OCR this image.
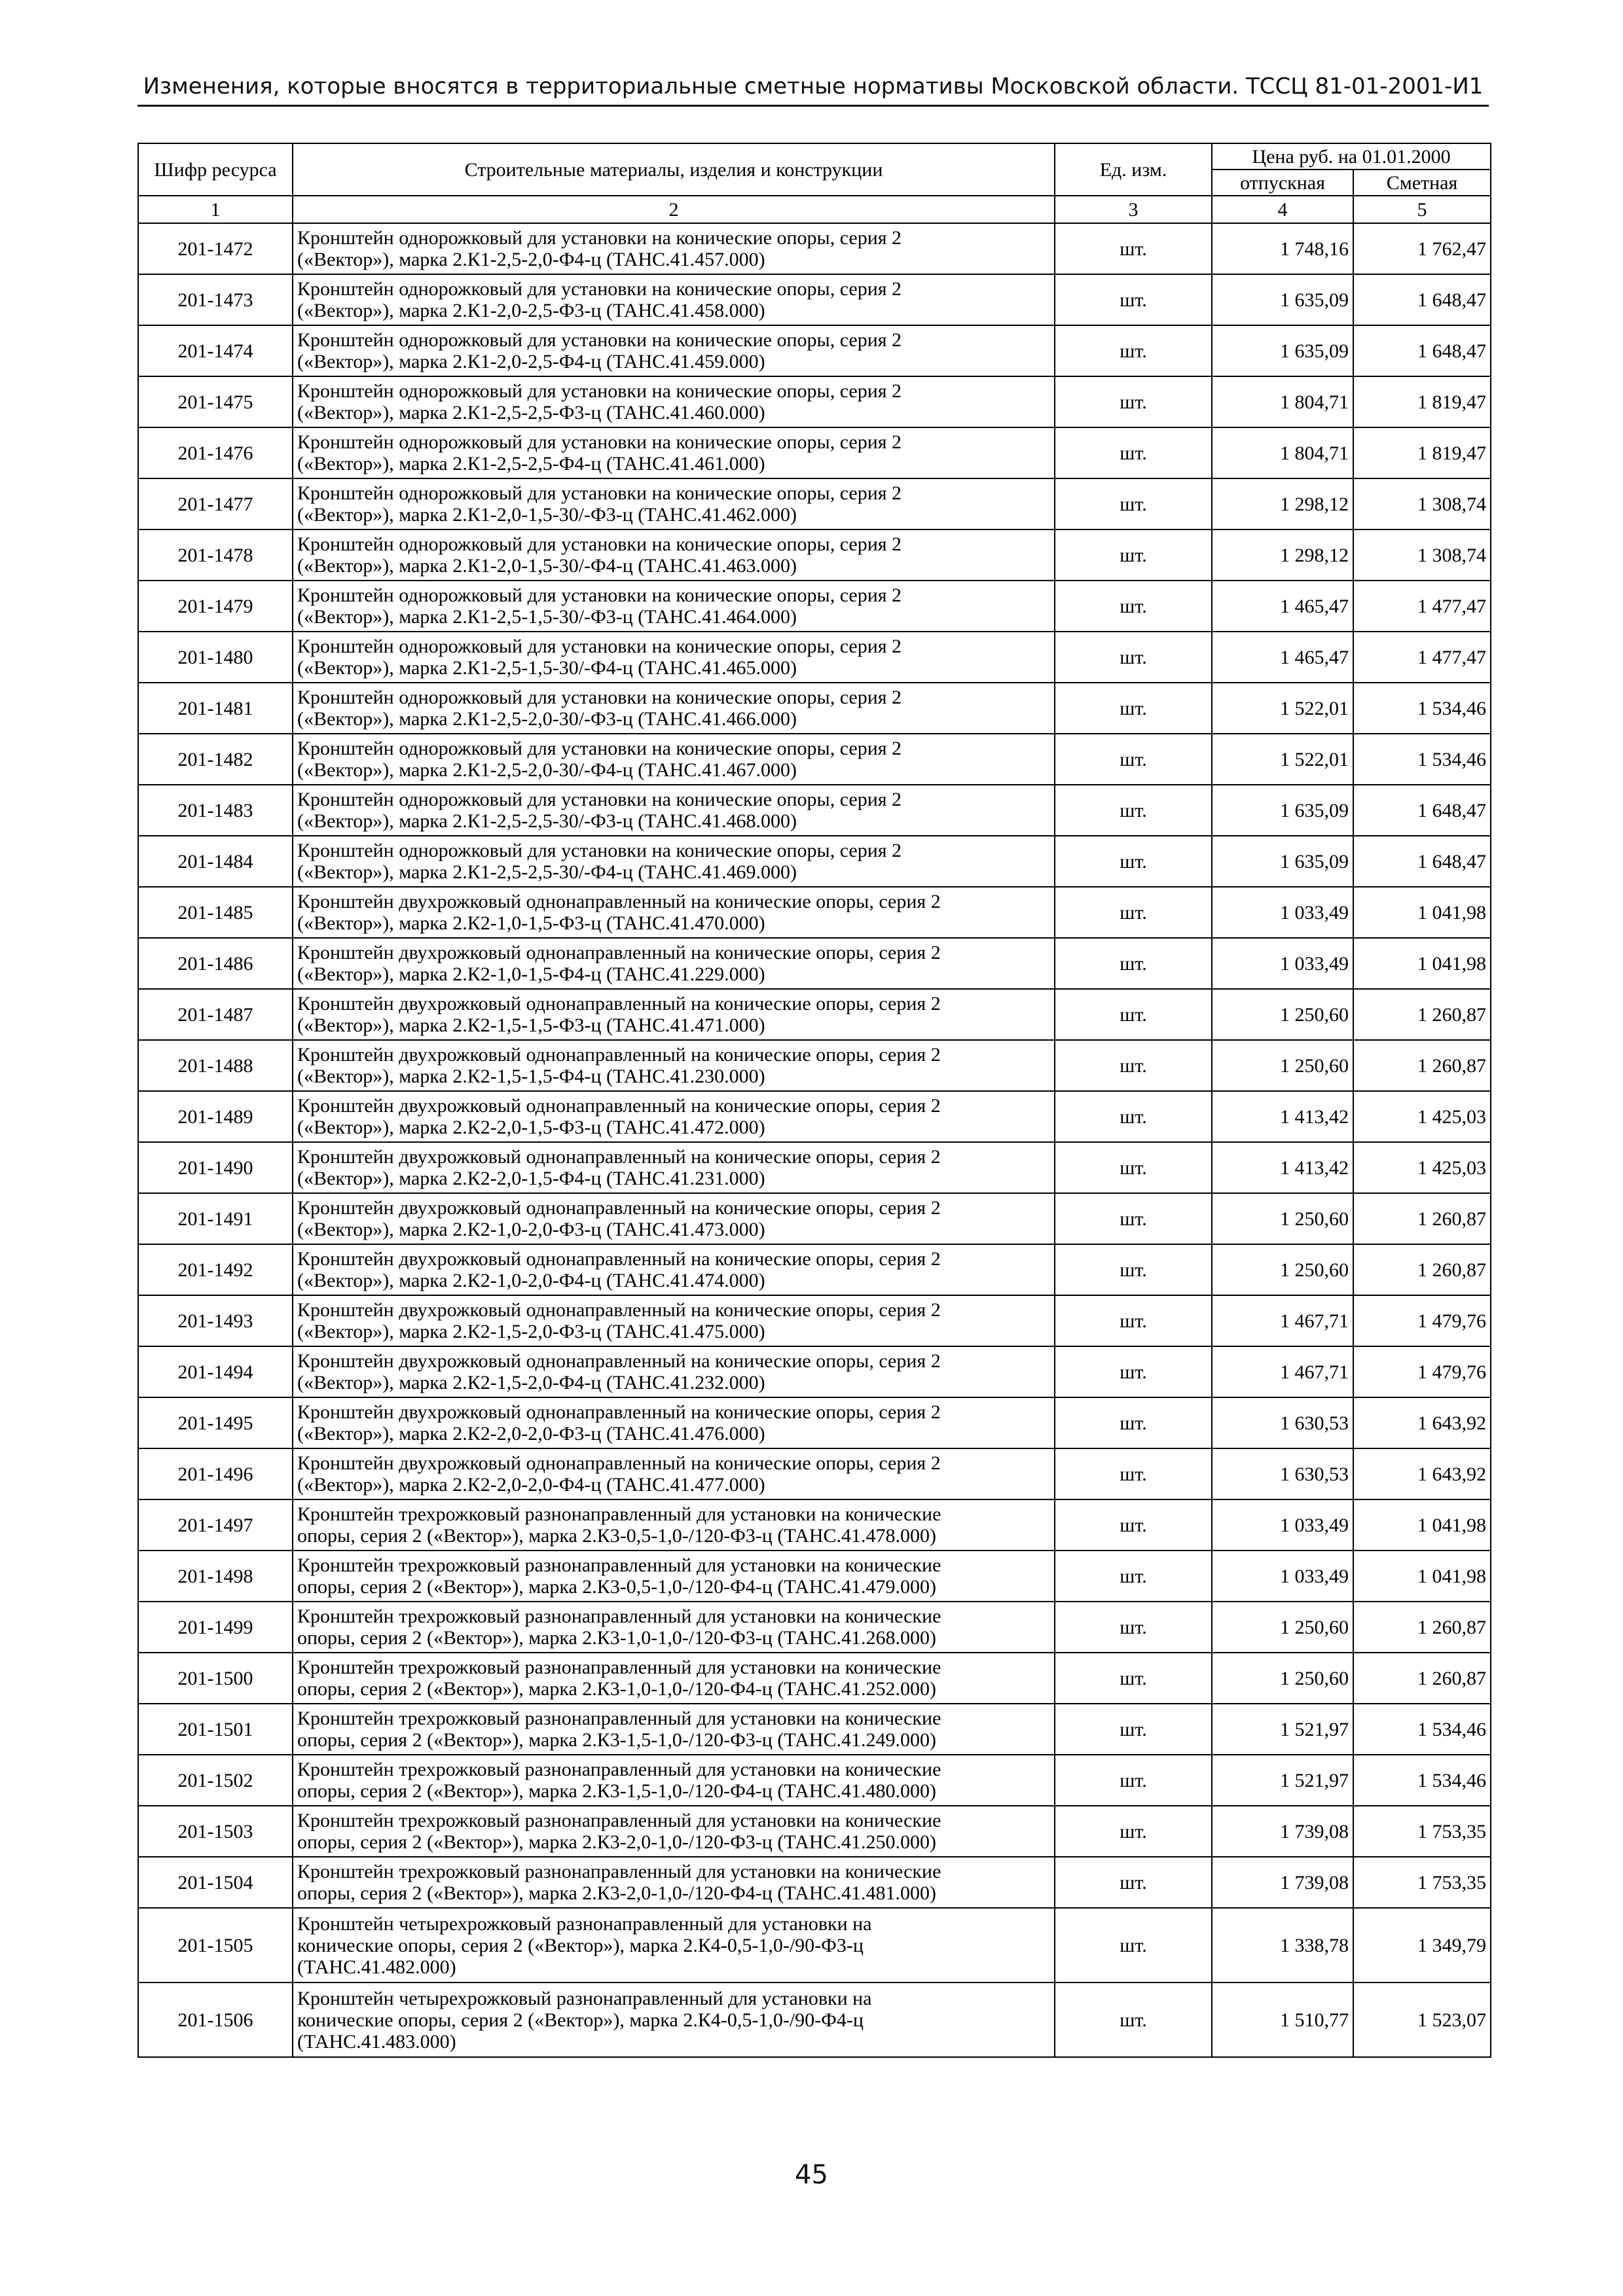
Изменения, которые вносятся в территориальные сметные нормативы Московской области. ТССЦ 81-01-2001-И1
Шифр ресурса	Строительные материалы, изделия и конструкции	Ед. изм.	Цена руб. на 01.01.2000	
			отпускная	Сметная
1	2	3	4	5
201-1472	Кронштейн однорожковый для установки на конические опоры, серия 2
(«Вектор»), марка 2.К1-2,5-2,0-Ф4-ц (ТАНС.41.457.000)	шт.	1 748,16	1 762,47
201-1473	Кронштейн однорожковый для установки на конические опоры, серия 2
(«Вектор»), марка 2.К1-2,0-2,5-Ф3-ц (ТАНС.41.458.000)	шт.	1 635,09	1 648,47
201-1474	Кронштейн однорожковый для установки на конические опоры, серия 2
(«Вектор»), марка 2.К1-2,0-2,5-Ф4-ц (ТАНС.41.459.000)	шт.	1 635,09	1 648,47
201-1475	Кронштейн однорожковый для установки на конические опоры, серия 2
(«Вектор»), марка 2.К1-2,5-2,5-Ф3-ц (ТАНС.41.460.000)	шт.	1 804,71	1 819,47
201-1476	Кронштейн однорожковый для установки на конические опоры, серия 2
(«Вектор»), марка 2.К1-2,5-2,5-Ф4-ц (ТАНС.41.461.000)	шт.	1 804,71	1 819,47
201-1477	Кронштейн однорожковый для установки на конические опоры, серия 2
(«Вектор»), марка 2.К1-2,0-1,5-30/-Ф3-ц (ТАНС.41.462.000)	шт.	1 298,12	1 308,74
201-1478	Кронштейн однорожковый для установки на конические опоры, серия 2
(«Вектор»), марка 2.К1-2,0-1,5-30/-Ф4-ц (ТАНС.41.463.000)	шт.	1 298,12	1 308,74
201-1479	Кронштейн однорожковый для установки на конические опоры, серия 2
(«Вектор»), марка 2.К1-2,5-1,5-30/-Ф3-ц (ТАНС.41.464.000)	шт.	1 465,47	1 477,47
201-1480	Кронштейн однорожковый для установки на конические опоры, серия 2
(«Вектор»), марка 2.К1-2,5-1,5-30/-Ф4-ц (ТАНС.41.465.000)	шт.	1 465,47	1 477,47
201-1481	Кронштейн однорожковый для установки на конические опоры, серия 2
(«Вектор»), марка 2.К1-2,5-2,0-30/-Ф3-ц (ТАНС.41.466.000)	шт.	1 522,01	1 534,46
201-1482	Кронштейн однорожковый для установки на конические опоры, серия 2
(«Вектор»), марка 2.К1-2,5-2,0-30/-Ф4-ц (ТАНС.41.467.000)	шт.	1 522,01	1 534,46
201-1483	Кронштейн однорожковый для установки на конические опоры, серия 2
(«Вектор»), марка 2.К1-2,5-2,5-30/-Ф3-ц (ТАНС.41.468.000)	шт.	1 635,09	1 648,47
201-1484	Кронштейн однорожковый для установки на конические опоры, серия 2
(«Вектор»), марка 2.К1-2,5-2,5-30/-Ф4-ц (ТАНС.41.469.000)	шт.	1 635,09	1 648,47
201-1485	Кронштейн двухрожковый однонаправленный на конические опоры, серия 2
(«Вектор»), марка 2.К2-1,0-1,5-Ф3-ц (ТАНС.41.470.000)	шт.	1 033,49	1 041,98
201-1486	Кронштейн двухрожковый однонаправленный на конические опоры, серия 2
(«Вектор»), марка 2.К2-1,0-1,5-Ф4-ц (ТАНС.41.229.000)	шт.	1 033,49	1 041,98
201-1487	Кронштейн двухрожковый однонаправленный на конические опоры, серия 2
(«Вектор»), марка 2.К2-1,5-1,5-Ф3-ц (ТАНС.41.471.000)	шт.	1 250,60	1 260,87
201-1488	Кронштейн двухрожковый однонаправленный на конические опоры, серия 2
(«Вектор»), марка 2.К2-1,5-1,5-Ф4-ц (ТАНС.41.230.000)	шт.	1 250,60	1 260,87
201-1489	Кронштейн двухрожковый однонаправленный на конические опоры, серия 2
(«Вектор»), марка 2.К2-2,0-1,5-Ф3-ц (ТАНС.41.472.000)	шт.	1 413,42	1 425,03
201-1490	Кронштейн двухрожковый однонаправленный на конические опоры, серия 2
(«Вектор»), марка 2.К2-2,0-1,5-Ф4-ц (ТАНС.41.231.000)	шт.	1 413,42	1 425,03
201-1491	Кронштейн двухрожковый однонаправленный на конические опоры, серия 2
(«Вектор»), марка 2.К2-1,0-2,0-Ф3-ц (ТАНС.41.473.000)	шт.	1 250,60	1 260,87
201-1492	Кронштейн двухрожковый однонаправленный на конические опоры, серия 2
(«Вектор»), марка 2.К2-1,0-2,0-Ф4-ц (ТАНС.41.474.000)	шт.	1 250,60	1 260,87
201-1493	Кронштейн двухрожковый однонаправленный на конические опоры, серия 2
(«Вектор»), марка 2.К2-1,5-2,0-Ф3-ц (ТАНС.41.475.000)	шт.	1 467,71	1 479,76
201-1494	Кронштейн двухрожковый однонаправленный на конические опоры, серия 2
(«Вектор»), марка 2.К2-1,5-2,0-Ф4-ц (ТАНС.41.232.000)	шт.	1 467,71	1 479,76
201-1495	Кронштейн двухрожковый однонаправленный на конические опоры, серия 2
(«Вектор»), марка 2.К2-2,0-2,0-Ф3-ц (ТАНС.41.476.000)	шт.	1 630,53	1 643,92
201-1496	Кронштейн двухрожковый однонаправленный на конические опоры, серия 2
(«Вектор»), марка 2.К2-2,0-2,0-Ф4-ц (ТАНС.41.477.000)	шт.	1 630,53	1 643,92
201-1497	Кронштейн трехрожковый разнонаправленный для установки на конические
опоры, серия 2 («Вектор»), марка 2.К3-0,5-1,0-/120-Ф3-ц (ТАНС.41.478.000)	шт.	1 033,49	1 041,98
201-1498	Кронштейн трехрожковый разнонаправленный для установки на конические
опоры, серия 2 («Вектор»), марка 2.К3-0,5-1,0-/120-Ф4-ц (ТАНС.41.479.000)	шт.	1 033,49	1 041,98
201-1499	Кронштейн трехрожковый разнонаправленный для установки на конические
опоры, серия 2 («Вектор»), марка 2.К3-1,0-1,0-/120-Ф3-ц (ТАНС.41.268.000)	шт.	1 250,60	1 260,87
201-1500	Кронштейн трехрожковый разнонаправленный для установки на конические
опоры, серия 2 («Вектор»), марка 2.К3-1,0-1,0-/120-Ф4-ц (ТАНС.41.252.000)	шт.	1 250,60	1 260,87
201-1501	Кронштейн трехрожковый разнонаправленный для установки на конические
опоры, серия 2 («Вектор»), марка 2.К3-1,5-1,0-/120-Ф3-ц (ТАНС.41.249.000)	шт.	1 521,97	1 534,46
201-1502	Кронштейн трехрожковый разнонаправленный для установки на конические
опоры, серия 2 («Вектор»), марка 2.К3-1,5-1,0-/120-Ф4-ц (ТАНС.41.480.000)	шт.	1 521,97	1 534,46
201-1503	Кронштейн трехрожковый разнонаправленный для установки на конические
опоры, серия 2 («Вектор»), марка 2.К3-2,0-1,0-/120-Ф3-ц (ТАНС.41.250.000)	шт.	1 739,08	1 753,35
201-1504	Кронштейн трехрожковый разнонаправленный для установки на конические
опоры, серия 2 («Вектор»), марка 2.К3-2,0-1,0-/120-Ф4-ц (ТАНС.41.481.000)	шт.	1 739,08	1 753,35
201-1505	Кронштейн четырехрожковый разнонаправленный для установки на
конические опоры, серия 2 («Вектор»), марка 2.К4-0,5-1,0-/90-Ф3-ц
(ТАНС.41.482.000)	шт.	1 338,78	1 349,79
201-1506	Кронштейн четырехрожковый разнонаправленный для установки на
конические опоры, серия 2 («Вектор»), марка 2.К4-0,5-1,0-/90-Ф4-ц
(ТАНС.41.483.000)	шт.	1 510,77	1 523,07
45
